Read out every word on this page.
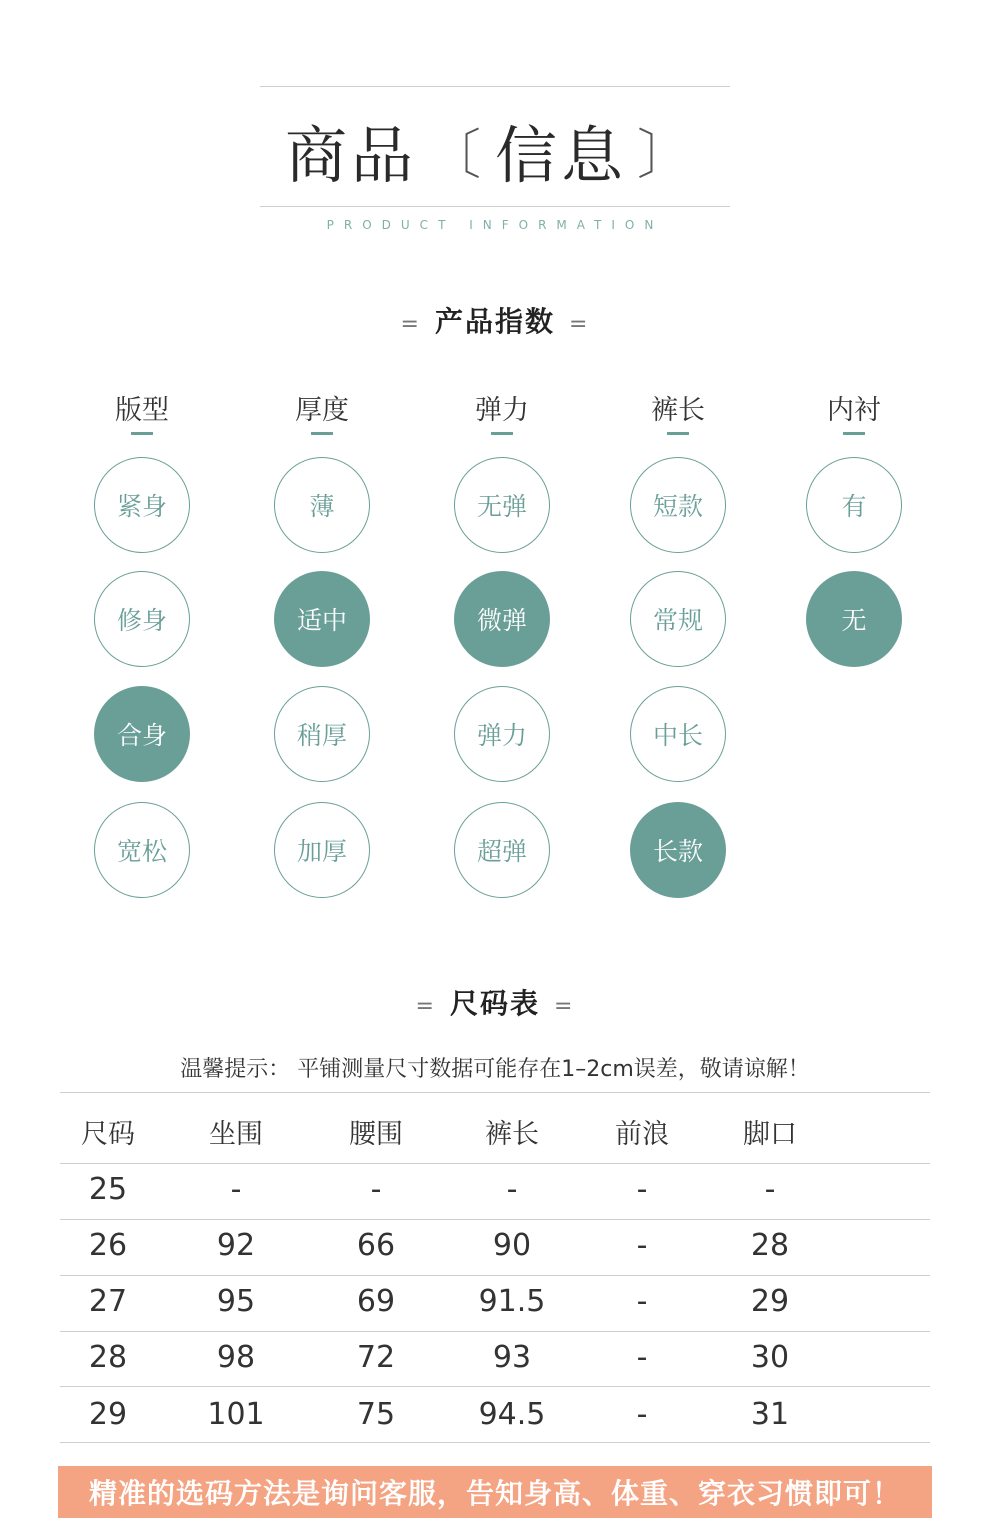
商品 〔 信息 〕
PRODUCT INFORMATION
= 产品指数 =
版型
紧身
修身
合身
宽松
厚度
薄
适中
稍厚
加厚
弹力
无弹
微弹
弹力
超弹
裤长
短款
常规
中长
长款
内衬
有
无
= 尺码表 =
温馨提示： 平铺测量尺寸数据可能存在1–2cm误差，敬请谅解！
尺码	坐围	腰围	裤长	前浪	脚口
25	-	-	-	-	-
26	92	66	90	-	28
27	95	69	91.5	-	29
28	98	72	93	-	30
29	101	75	94.5	-	31
精准的选码方法是询问客服，告知身高、体重、穿衣习惯即可！
